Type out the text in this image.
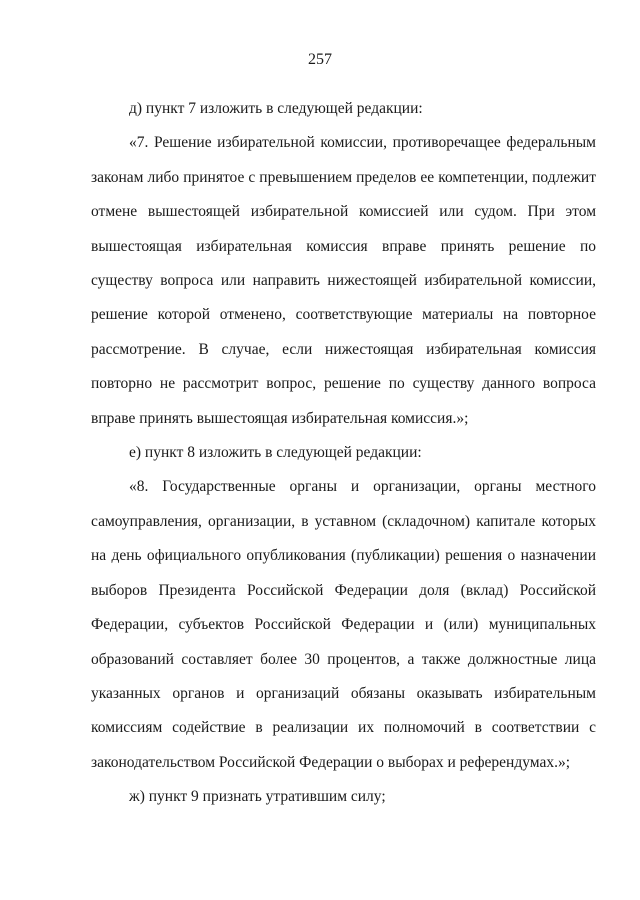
257

д) пункт 7 изложить в следующей редакции:

«7. Решение избирательной комиссии, противоречащее федеральным законам либо принятое с превышением пределов ее компетенции, подлежит отмене вышестоящей избирательной комиссией или судом. При этом вышестоящая избирательная комиссия вправе принять решение по существу вопроса или направить нижестоящей избирательной комиссии, решение которой отменено, соответствующие материалы на повторное рассмотрение. В случае, если нижестоящая избирательная комиссия повторно не рассмотрит вопрос, решение по существу данного вопроса вправе принять вышестоящая избирательная комиссия.»;

е) пункт 8 изложить в следующей редакции:

«8. Государственные органы и организации, органы местного самоуправления, организации, в уставном (складочном) капитале которых на день официального опубликования (публикации) решения о назначении выборов Президента Российской Федерации доля (вклад) Российской Федерации, субъектов Российской Федерации и (или) муниципальных образований составляет более 30 процентов, а также должностные лица указанных органов и организаций обязаны оказывать избирательным комиссиям содействие в реализации их полномочий в соответствии с законодательством Российской Федерации о выборах и референдумах.»;

ж) пункт 9 признать утратившим силу;
